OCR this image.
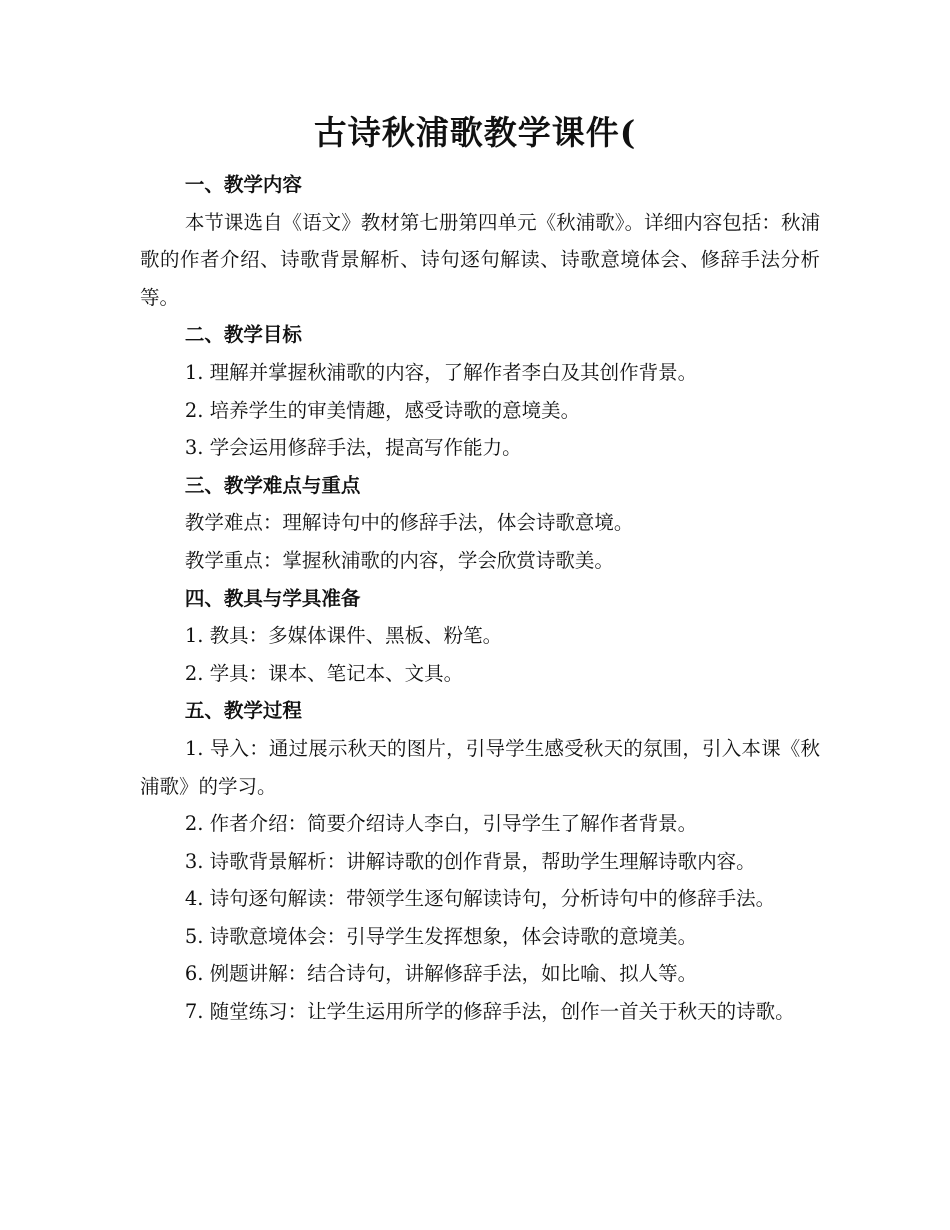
古诗秋浦歌教学课件(

一、教学内容

本节课选自《语文》教材第七册第四单元《秋浦歌》。详细内容包括：秋浦歌的作者介绍、诗歌背景解析、诗句逐句解读、诗歌意境体会、修辞手法分析等。

二、教学目标

1. 理解并掌握秋浦歌的内容，了解作者李白及其创作背景。

2. 培养学生的审美情趣，感受诗歌的意境美。

3. 学会运用修辞手法，提高写作能力。

三、教学难点与重点

教学难点：理解诗句中的修辞手法，体会诗歌意境。

教学重点：掌握秋浦歌的内容，学会欣赏诗歌美。

四、教具与学具准备

1. 教具：多媒体课件、黑板、粉笔。

2. 学具：课本、笔记本、文具。

五、教学过程

1. 导入：通过展示秋天的图片，引导学生感受秋天的氛围，引入本课《秋浦歌》的学习。

2. 作者介绍：简要介绍诗人李白，引导学生了解作者背景。

3. 诗歌背景解析：讲解诗歌的创作背景，帮助学生理解诗歌内容。

4. 诗句逐句解读：带领学生逐句解读诗句，分析诗句中的修辞手法。

5. 诗歌意境体会：引导学生发挥想象，体会诗歌的意境美。

6. 例题讲解：结合诗句，讲解修辞手法，如比喻、拟人等。

7. 随堂练习：让学生运用所学的修辞手法，创作一首关于秋天的诗歌。
